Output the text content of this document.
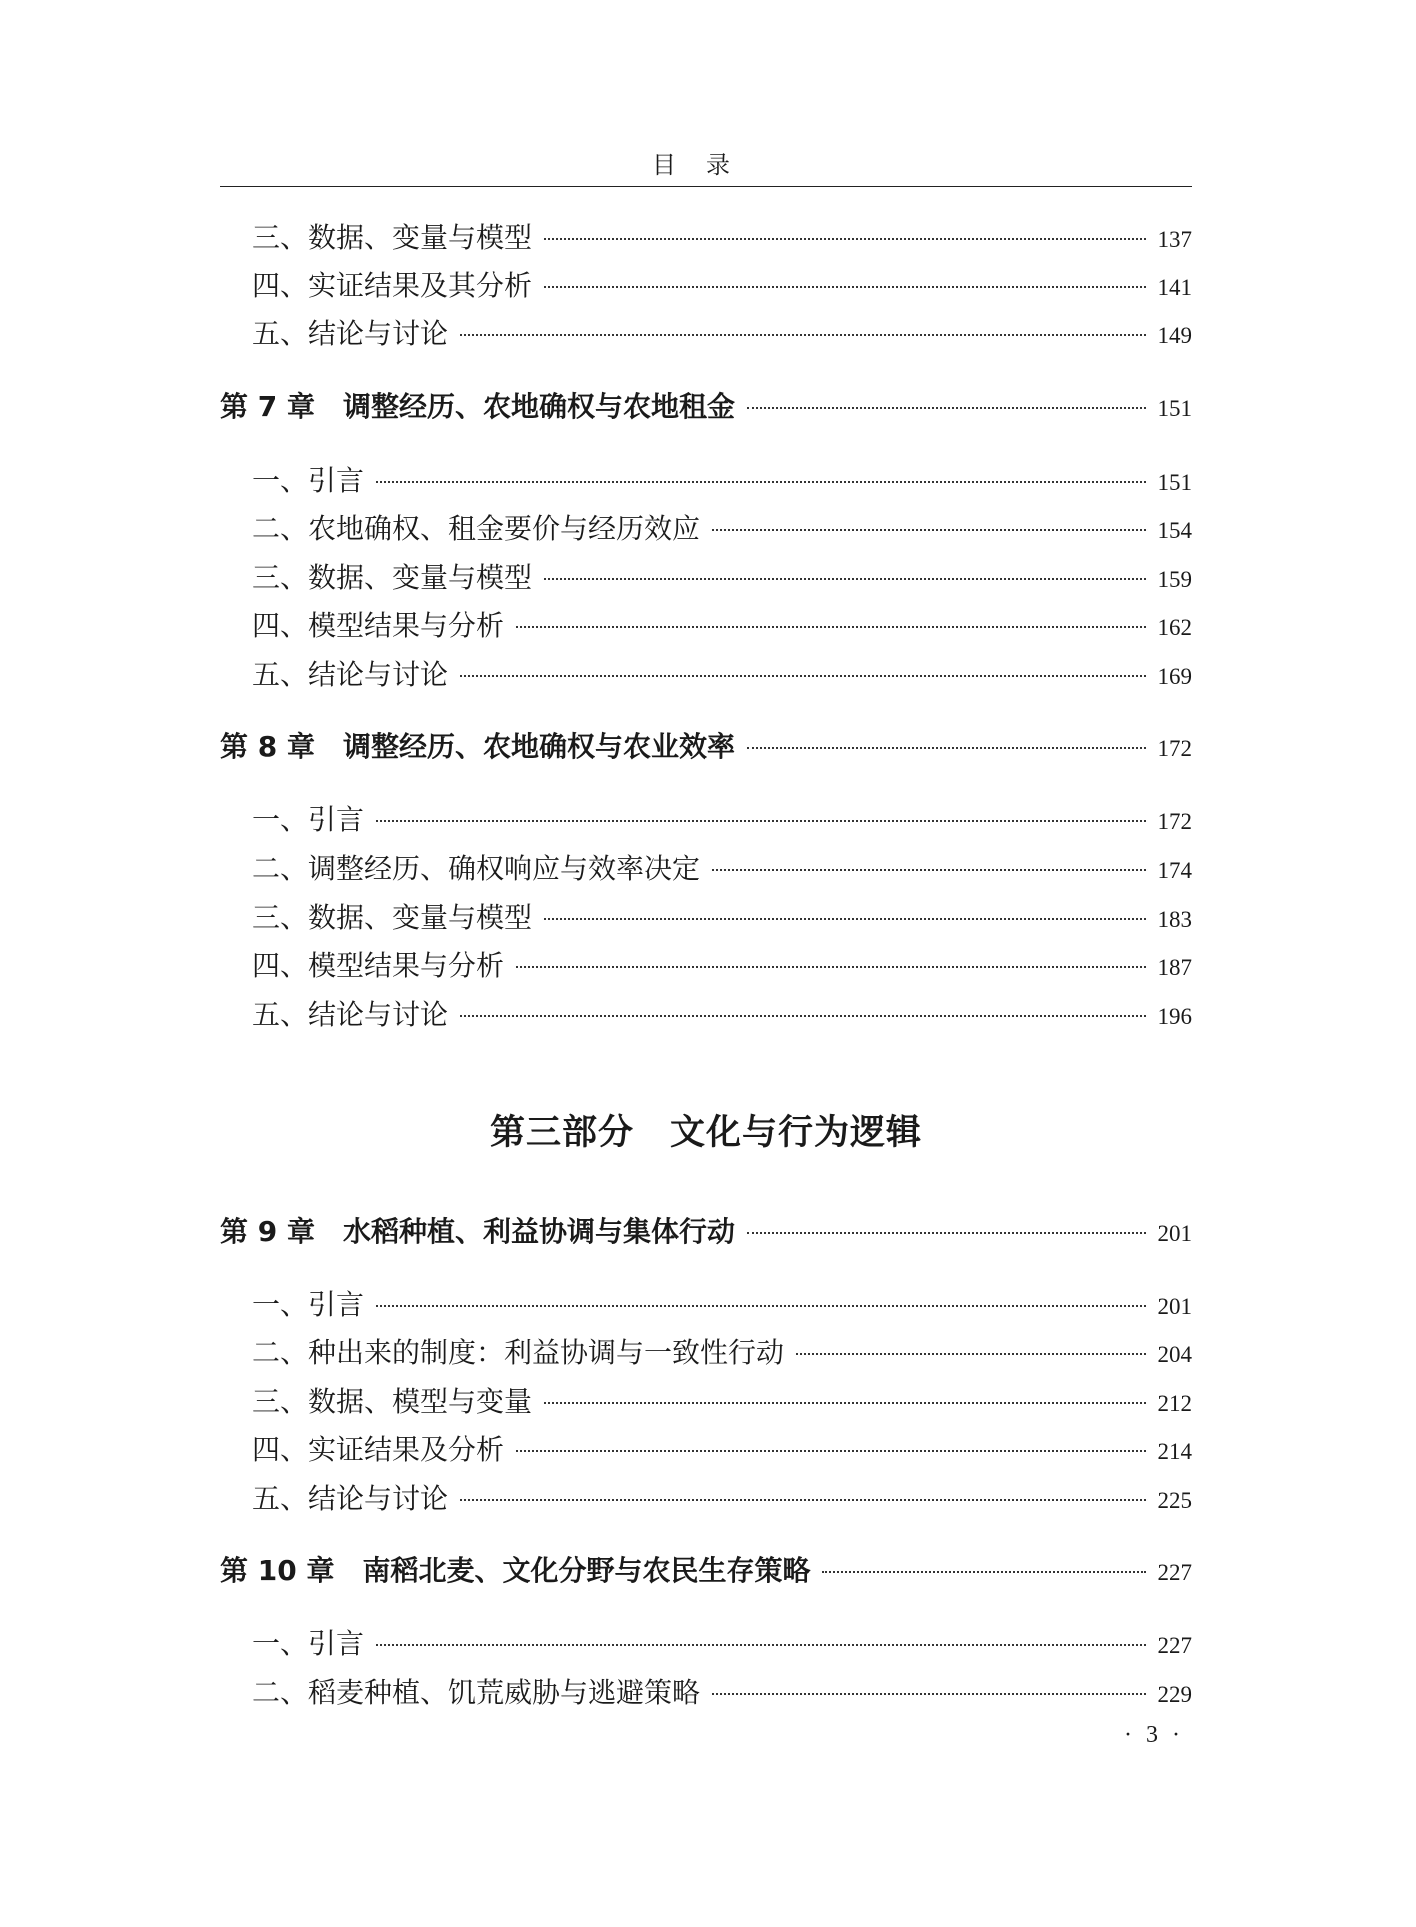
目录
三、数据、变量与模型	137
四、实证结果及其分析	141
五、结论与讨论	149
第 7 章　调整经历、农地确权与农地租金	151
一、引言	151
二、农地确权、租金要价与经历效应	154
三、数据、变量与模型	159
四、模型结果与分析	162
五、结论与讨论	169
第 8 章　调整经历、农地确权与农业效率	172
一、引言	172
二、调整经历、确权响应与效率决定	174
三、数据、变量与模型	183
四、模型结果与分析	187
五、结论与讨论	196
第 9 章　水稻种植、利益协调与集体行动	201
一、引言	201
二、种出来的制度：利益协调与一致性行动	204
三、数据、模型与变量	212
四、实证结果及分析	214
五、结论与讨论	225
第 10 章　南稻北麦、文化分野与农民生存策略	227
一、引言	227
二、稻麦种植、饥荒威胁与逃避策略	229
第三部分　文化与行为逻辑
· 3 ·
